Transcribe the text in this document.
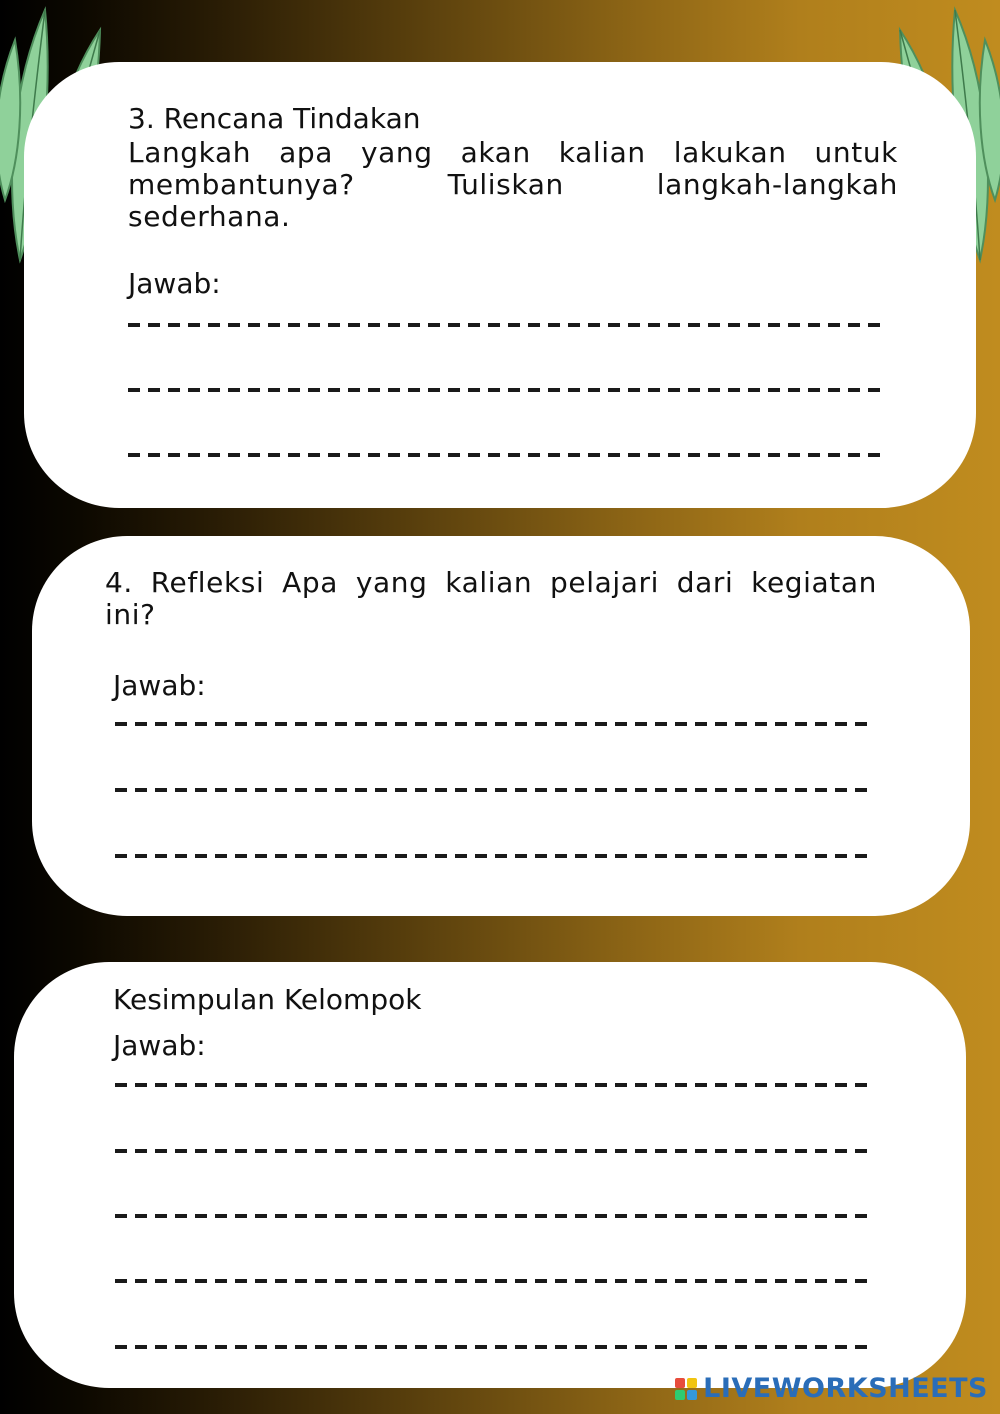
3. Rencana Tindakan
Langkah apa yang akan kalian lakukan untuk membantunya? Tuliskan langkah-langkah sederhana.
Jawab:
4. Refleksi Apa yang kalian pelajari dari kegiatan ini?
Jawab:
Kesimpulan Kelompok
Jawab:
LIVEWORKSHEETS
